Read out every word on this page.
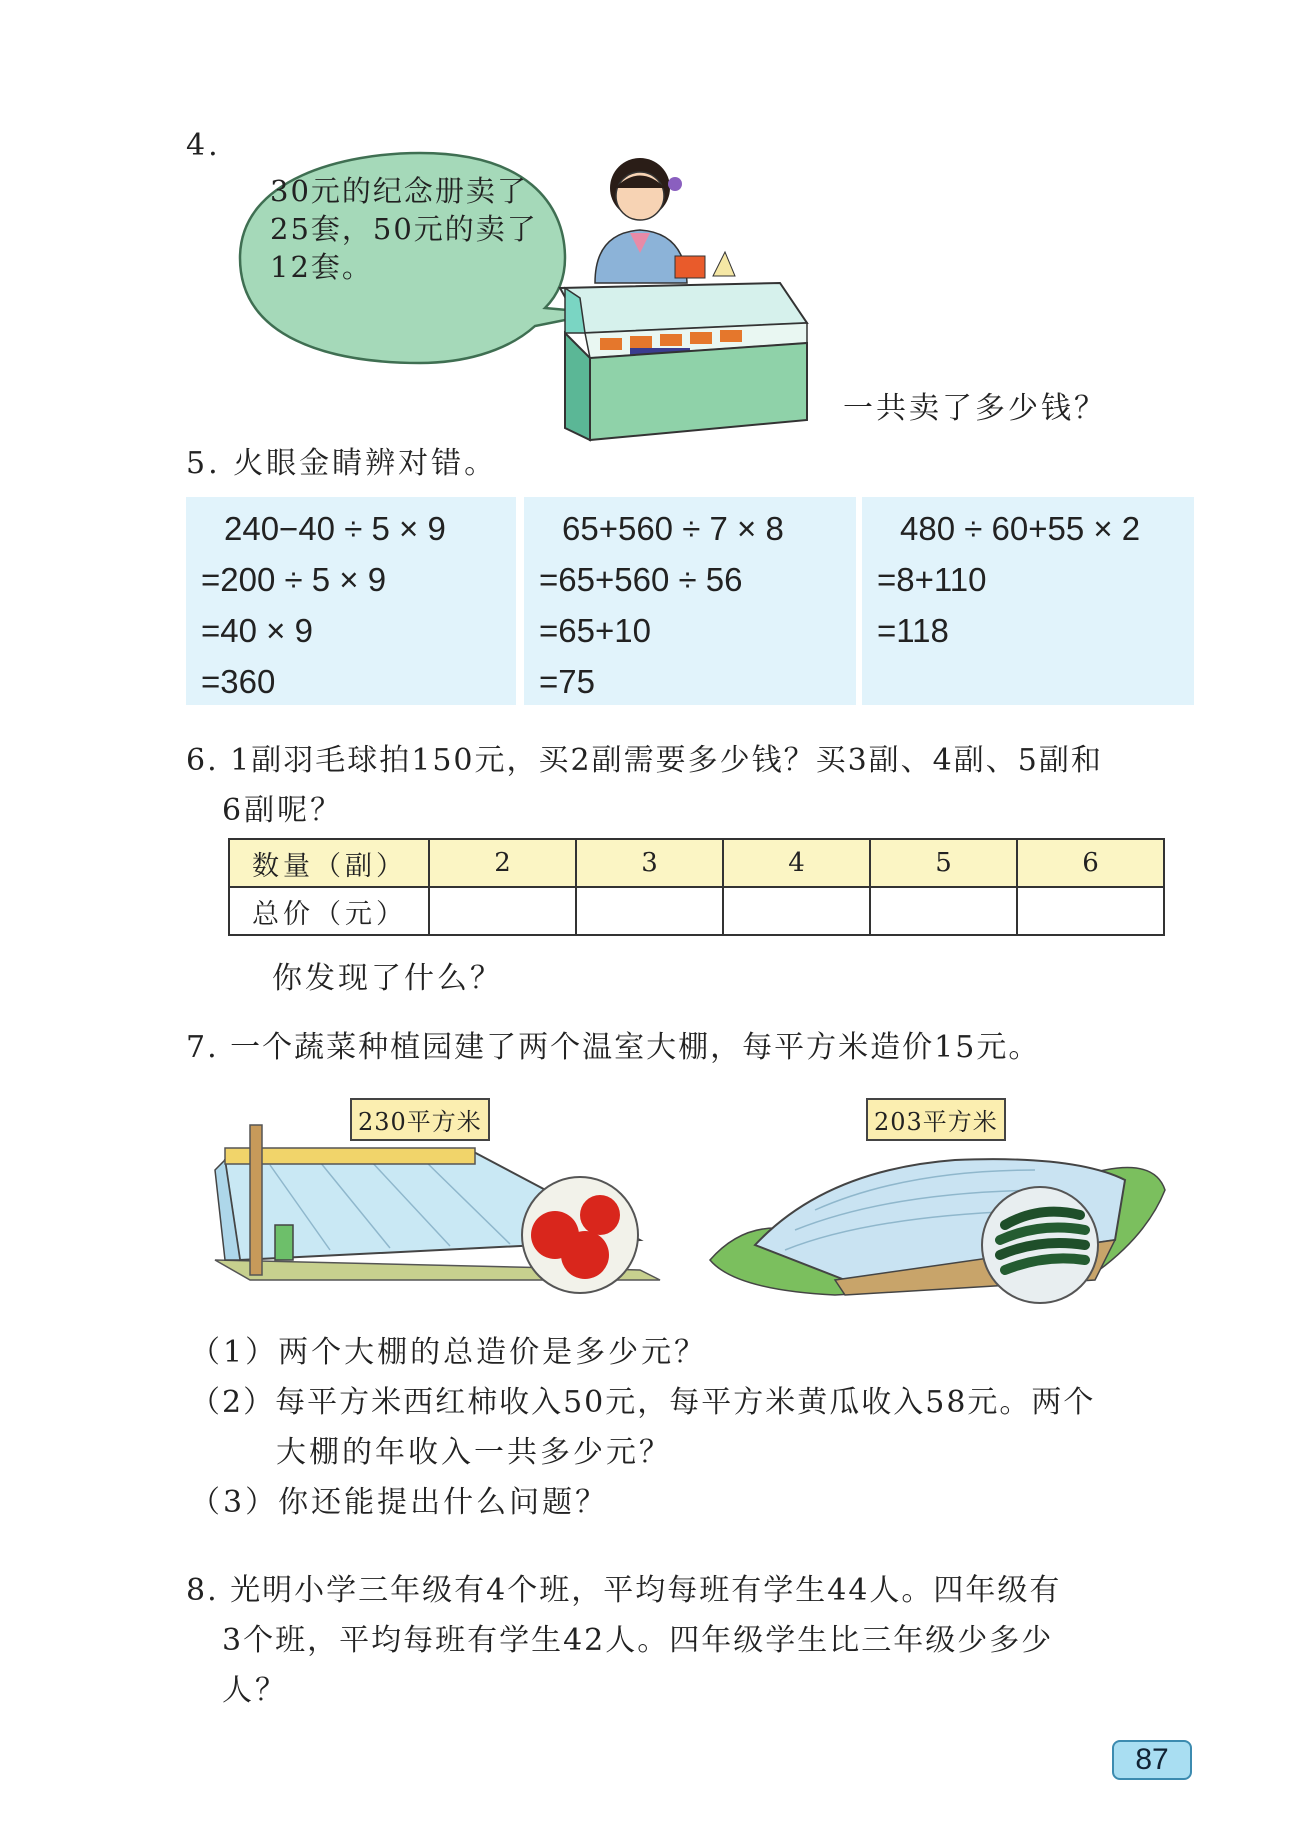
4.
30元的纪念册卖了
25套，50元的卖了
12套。
一共卖了多少钱？
5. 火眼金睛辨对错。
240−40 ÷ 5 × 9
=200 ÷ 5 × 9
=40 × 9
=360
65+560 ÷ 7 × 8
=65+560 ÷ 56
=65+10
=75
480 ÷ 60+55 × 2
=8+110
=118
6. 1副羽毛球拍150元，买2副需要多少钱？买3副、4副、5副和
6副呢？
数量（副）	2	3	4	5	6
总价（元）					
你发现了什么？
7. 一个蔬菜种植园建了两个温室大棚，每平方米造价15元。
230平方米	203平方米
（1）两个大棚的总造价是多少元？
（2）每平方米西红柿收入50元，每平方米黄瓜收入58元。两个
大棚的年收入一共多少元？
（3）你还能提出什么问题？
8. 光明小学三年级有4个班，平均每班有学生44人。四年级有
3个班，平均每班有学生42人。四年级学生比三年级少多少
人？
87
